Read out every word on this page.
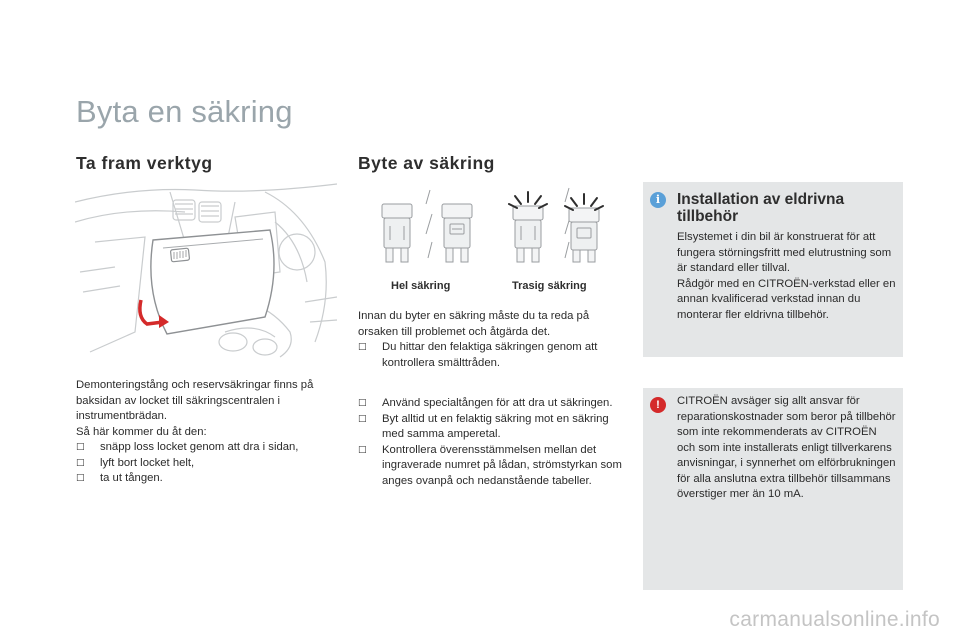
Byta en säkring
Ta fram verktyg

Demonteringstång och reservsäkringar finns på baksidan av locket till säkringscentralen i instrumentbrädan.

Så här kommer du åt den:

□ snäpp loss locket genom att dra i sidan,
□ lyft bort locket helt,
□ ta ut tången.
Byte av säkring
Hel säkring	Trasig säkring

Innan du byter en säkring måste du ta reda på orsaken till problemet och åtgärda det.

□ Du hittar den felaktiga säkringen genom att kontrollera smälttråden.
□ Använd specialtången för att dra ut säkringen.
□ Byt alltid ut en felaktig säkring mot en säkring med samma amperetal.
□ Kontrollera överensstämmelsen mellan det ingraverade numret på lådan, strömstyrkan som anges ovanpå och nedanstående tabeller.
i	Installation av eldrivna tillbehör
Elsystemet i din bil är konstruerat för att fungera störningsfritt med elutrustning som är standard eller tillval.
Rådgör med en CITROËN-verkstad eller en annan kvalificerad verkstad innan du monterar fler eldrivna tillbehör.
!	CITROËN avsäger sig allt ansvar för reparationskostnader som beror på tillbehör som inte rekommenderats av CITROËN och som inte installerats enligt tillverkarens anvisningar, i synnerhet om elförbrukningen för alla anslutna extra tillbehör tillsammans överstiger mer än 10 mA.
carmanualsonline.info
